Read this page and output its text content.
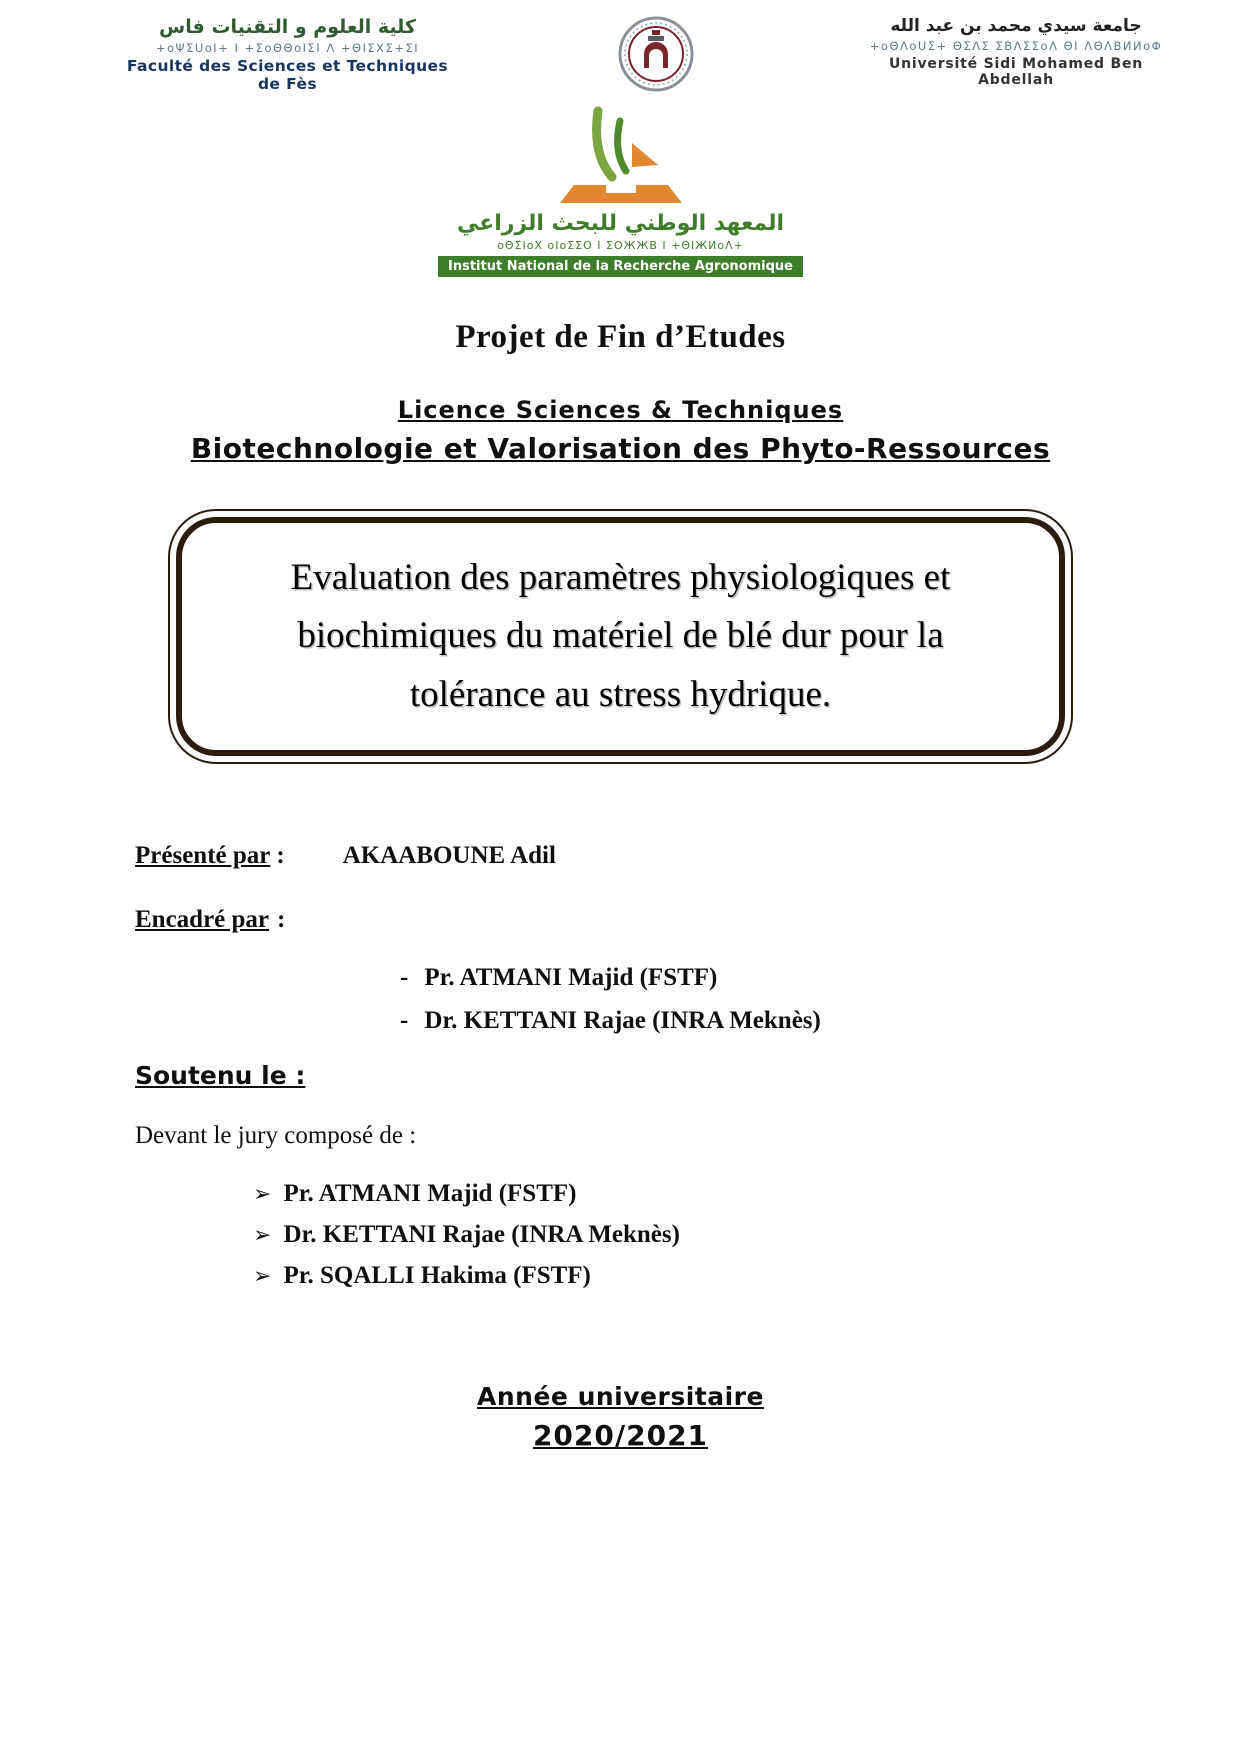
كلية العلوم و التقنيات فاس
+oΨΣUoI+ I +ΣoΘΘoIΣI Λ +ΘIΣXΣ+ΣI
Faculté des Sciences et Techniques de Fès
جامعة سيدي محمد بن عبد الله
+oΘΛoUΣ+ ΘΣΛΣ ΣΒΛΣΣoΛ ΘI ΛΘΛΒИИoΦ
Université Sidi Mohamed Ben Abdellah
المعهد الوطني للبحث الزراعي
oΘΣIoX oIoΣΣO I ΣΟЖЖΒ I +ΘIЖИoΛ+
Institut National de la Recherche Agronomique
Projet de Fin d’Etudes
Licence Sciences & Techniques
Biotechnologie et Valorisation des Phyto-Ressources
Evaluation des paramètres physiologiques et
biochimiques du matériel de blé dur pour la
tolérance au stress hydrique.
Présenté par : AKAABOUNE Adil
Encadré par :
- Pr. ATMANI Majid (FSTF)
- Dr. KETTANI Rajae (INRA Meknès)
Soutenu le :
Devant le jury composé de :
➢ Pr. ATMANI Majid (FSTF)
➢ Dr. KETTANI Rajae (INRA Meknès)
➢ Pr. SQALLI Hakima (FSTF)
Année universitaire
2020/2021
